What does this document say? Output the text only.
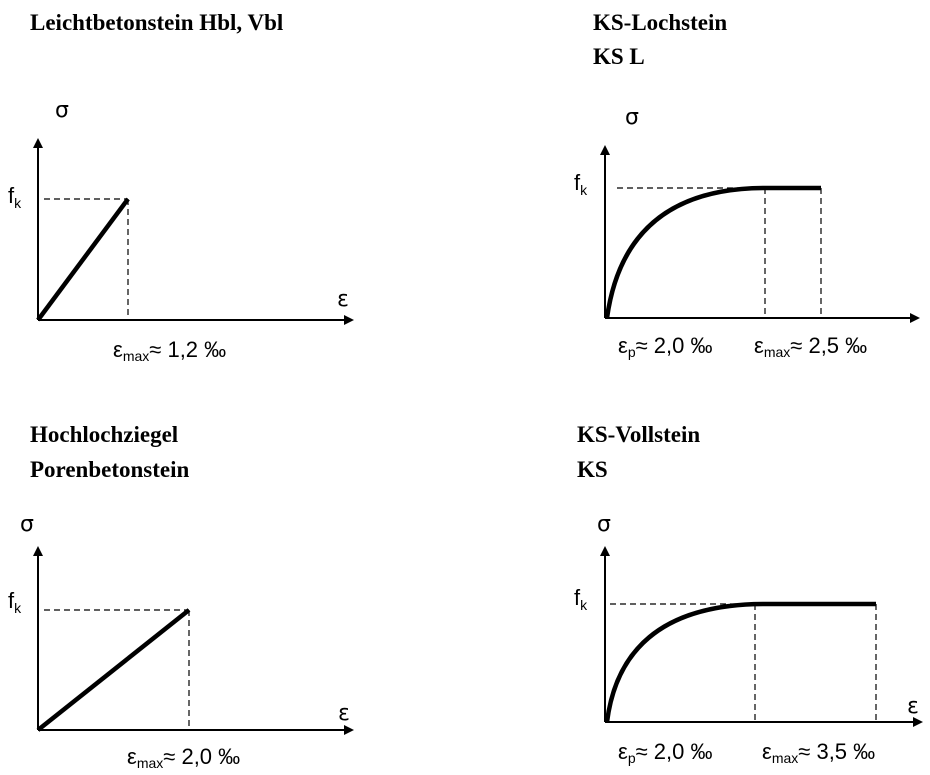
Leichtbetonstein Hbl, Vbl
σ
ε
$f_k$
εmax≈ 1,2 ‰
KS-Lochstein
KS L
σ
$f_k$
εp≈ 2,0 ‰ εmax≈ 2,5 ‰
Hochlochziegel
Porenbetonstein
σ
ε
$f_k$
εmax≈ 2,0 ‰
KS-Vollstein
KS
σ
ε
$f_k$
εp≈ 2,0 ‰ εmax≈ 3,5 ‰
